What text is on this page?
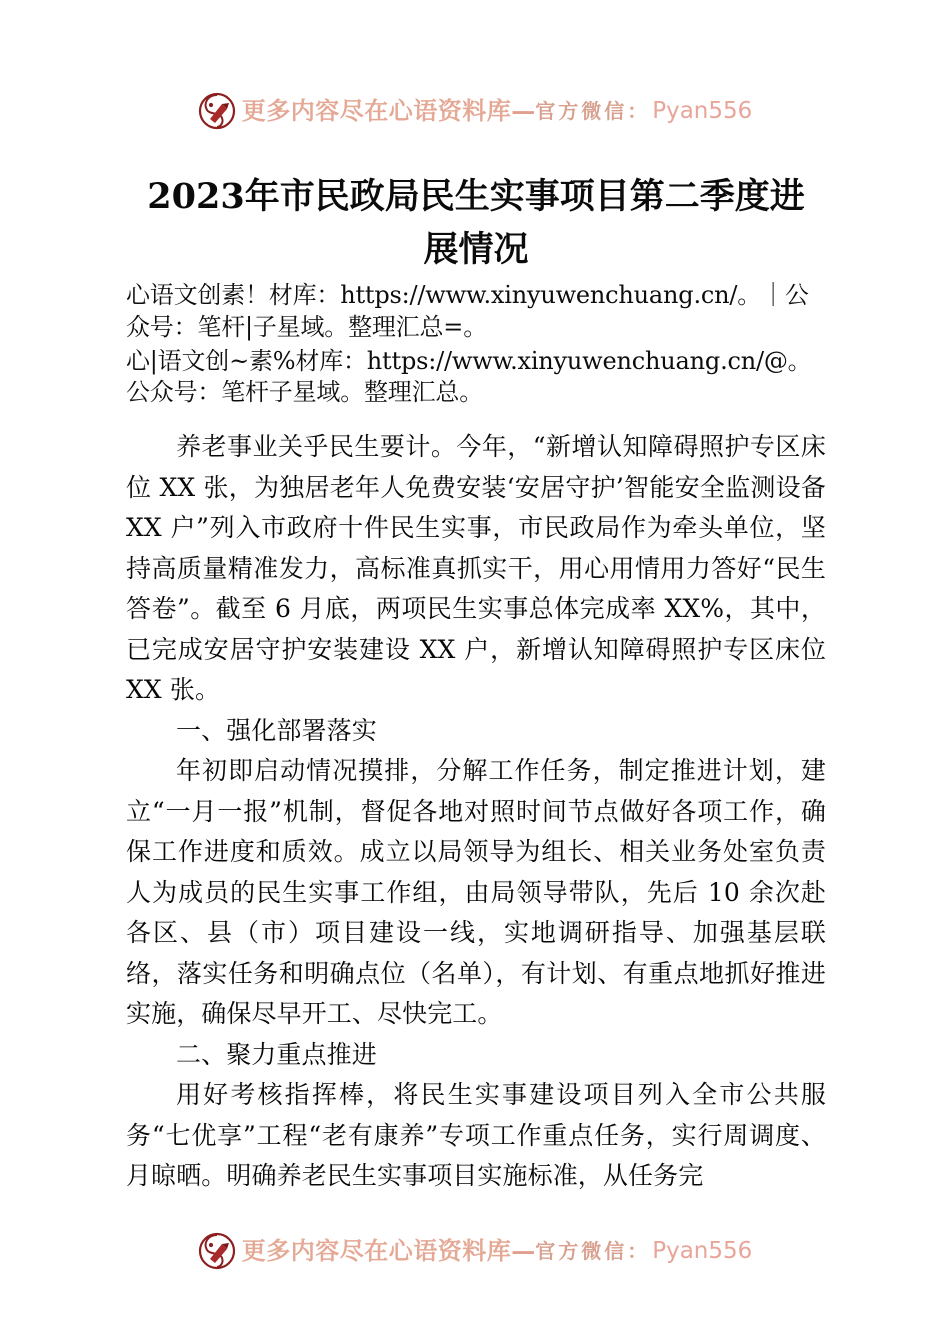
更多内容尽在心语资料库 — 官方微信： Pyan556
2023年市民政局民生实事项目第二季度进展情况

心语文创素！材库：https://www.xinyuwenchuang.cn/。｜公众号：笔杆|子星域。整理汇总=。

心|语文创~素%材库：https://www.xinyuwenchuang.cn/@。公众号：笔杆子星域。整理汇总。

养老事业关乎民生要计。今年，“新增认知障碍照护专区床位 XX 张，为独居老年人免费安装‘安居守护’智能安全监测设备 XX 户”列入市政府十件民生实事，市民政局作为牵头单位，坚持高质量精准发力，高标准真抓实干，用心用情用力答好“民生答卷”。截至 6 月底，两项民生实事总体完成率 XX%，其中，已完成安居守护安装建设 XX 户，新增认知障碍照护专区床位 XX 张。

一、强化部署落实

年初即启动情况摸排，分解工作任务，制定推进计划，建立“一月一报”机制，督促各地对照时间节点做好各项工作，确保工作进度和质效。成立以局领导为组长、相关业务处室负责人为成员的民生实事工作组，由局领导带队，先后 10 余次赴各区、县（市）项目建设一线，实地调研指导、加强基层联络，落实任务和明确点位（名单），有计划、有重点地抓好推进实施，确保尽早开工、尽快完工。

二、聚力重点推进

用好考核指挥棒，将民生实事建设项目列入全市公共服务“七优享”工程“老有康养”专项工作重点任务，实行周调度、月晾晒。明确养老民生实事项目实施标准，从任务完

更多内容尽在心语资料库 — 官方微信： Pyan556
